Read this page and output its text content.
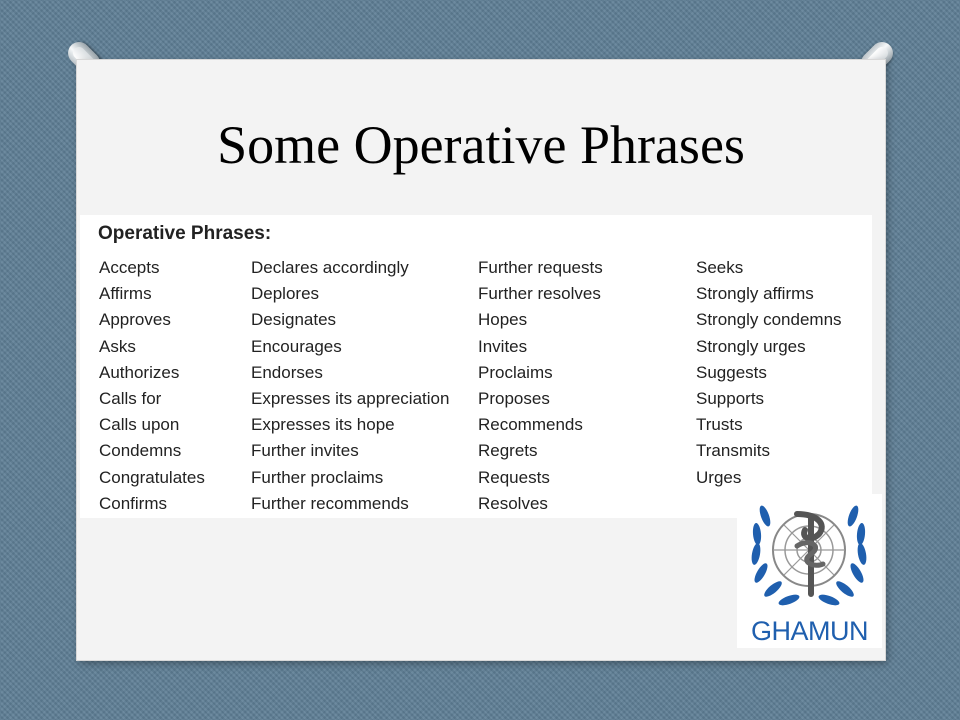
Some Operative Phrases
Operative Phrases:
Accepts
Affirms
Approves
Asks
Authorizes
Calls for
Calls upon
Condemns
Congratulates
Confirms
Declares accordingly
Deplores
Designates
Encourages
Endorses
Expresses its appreciation
Expresses its hope
Further invites
Further proclaims
Further recommends
Further requests
Further resolves
Hopes
Invites
Proclaims
Proposes
Recommends
Regrets
Requests
Resolves
Seeks
Strongly affirms
Strongly condemns
Strongly urges
Suggests
Supports
Trusts
Transmits
Urges
GHAMUN
